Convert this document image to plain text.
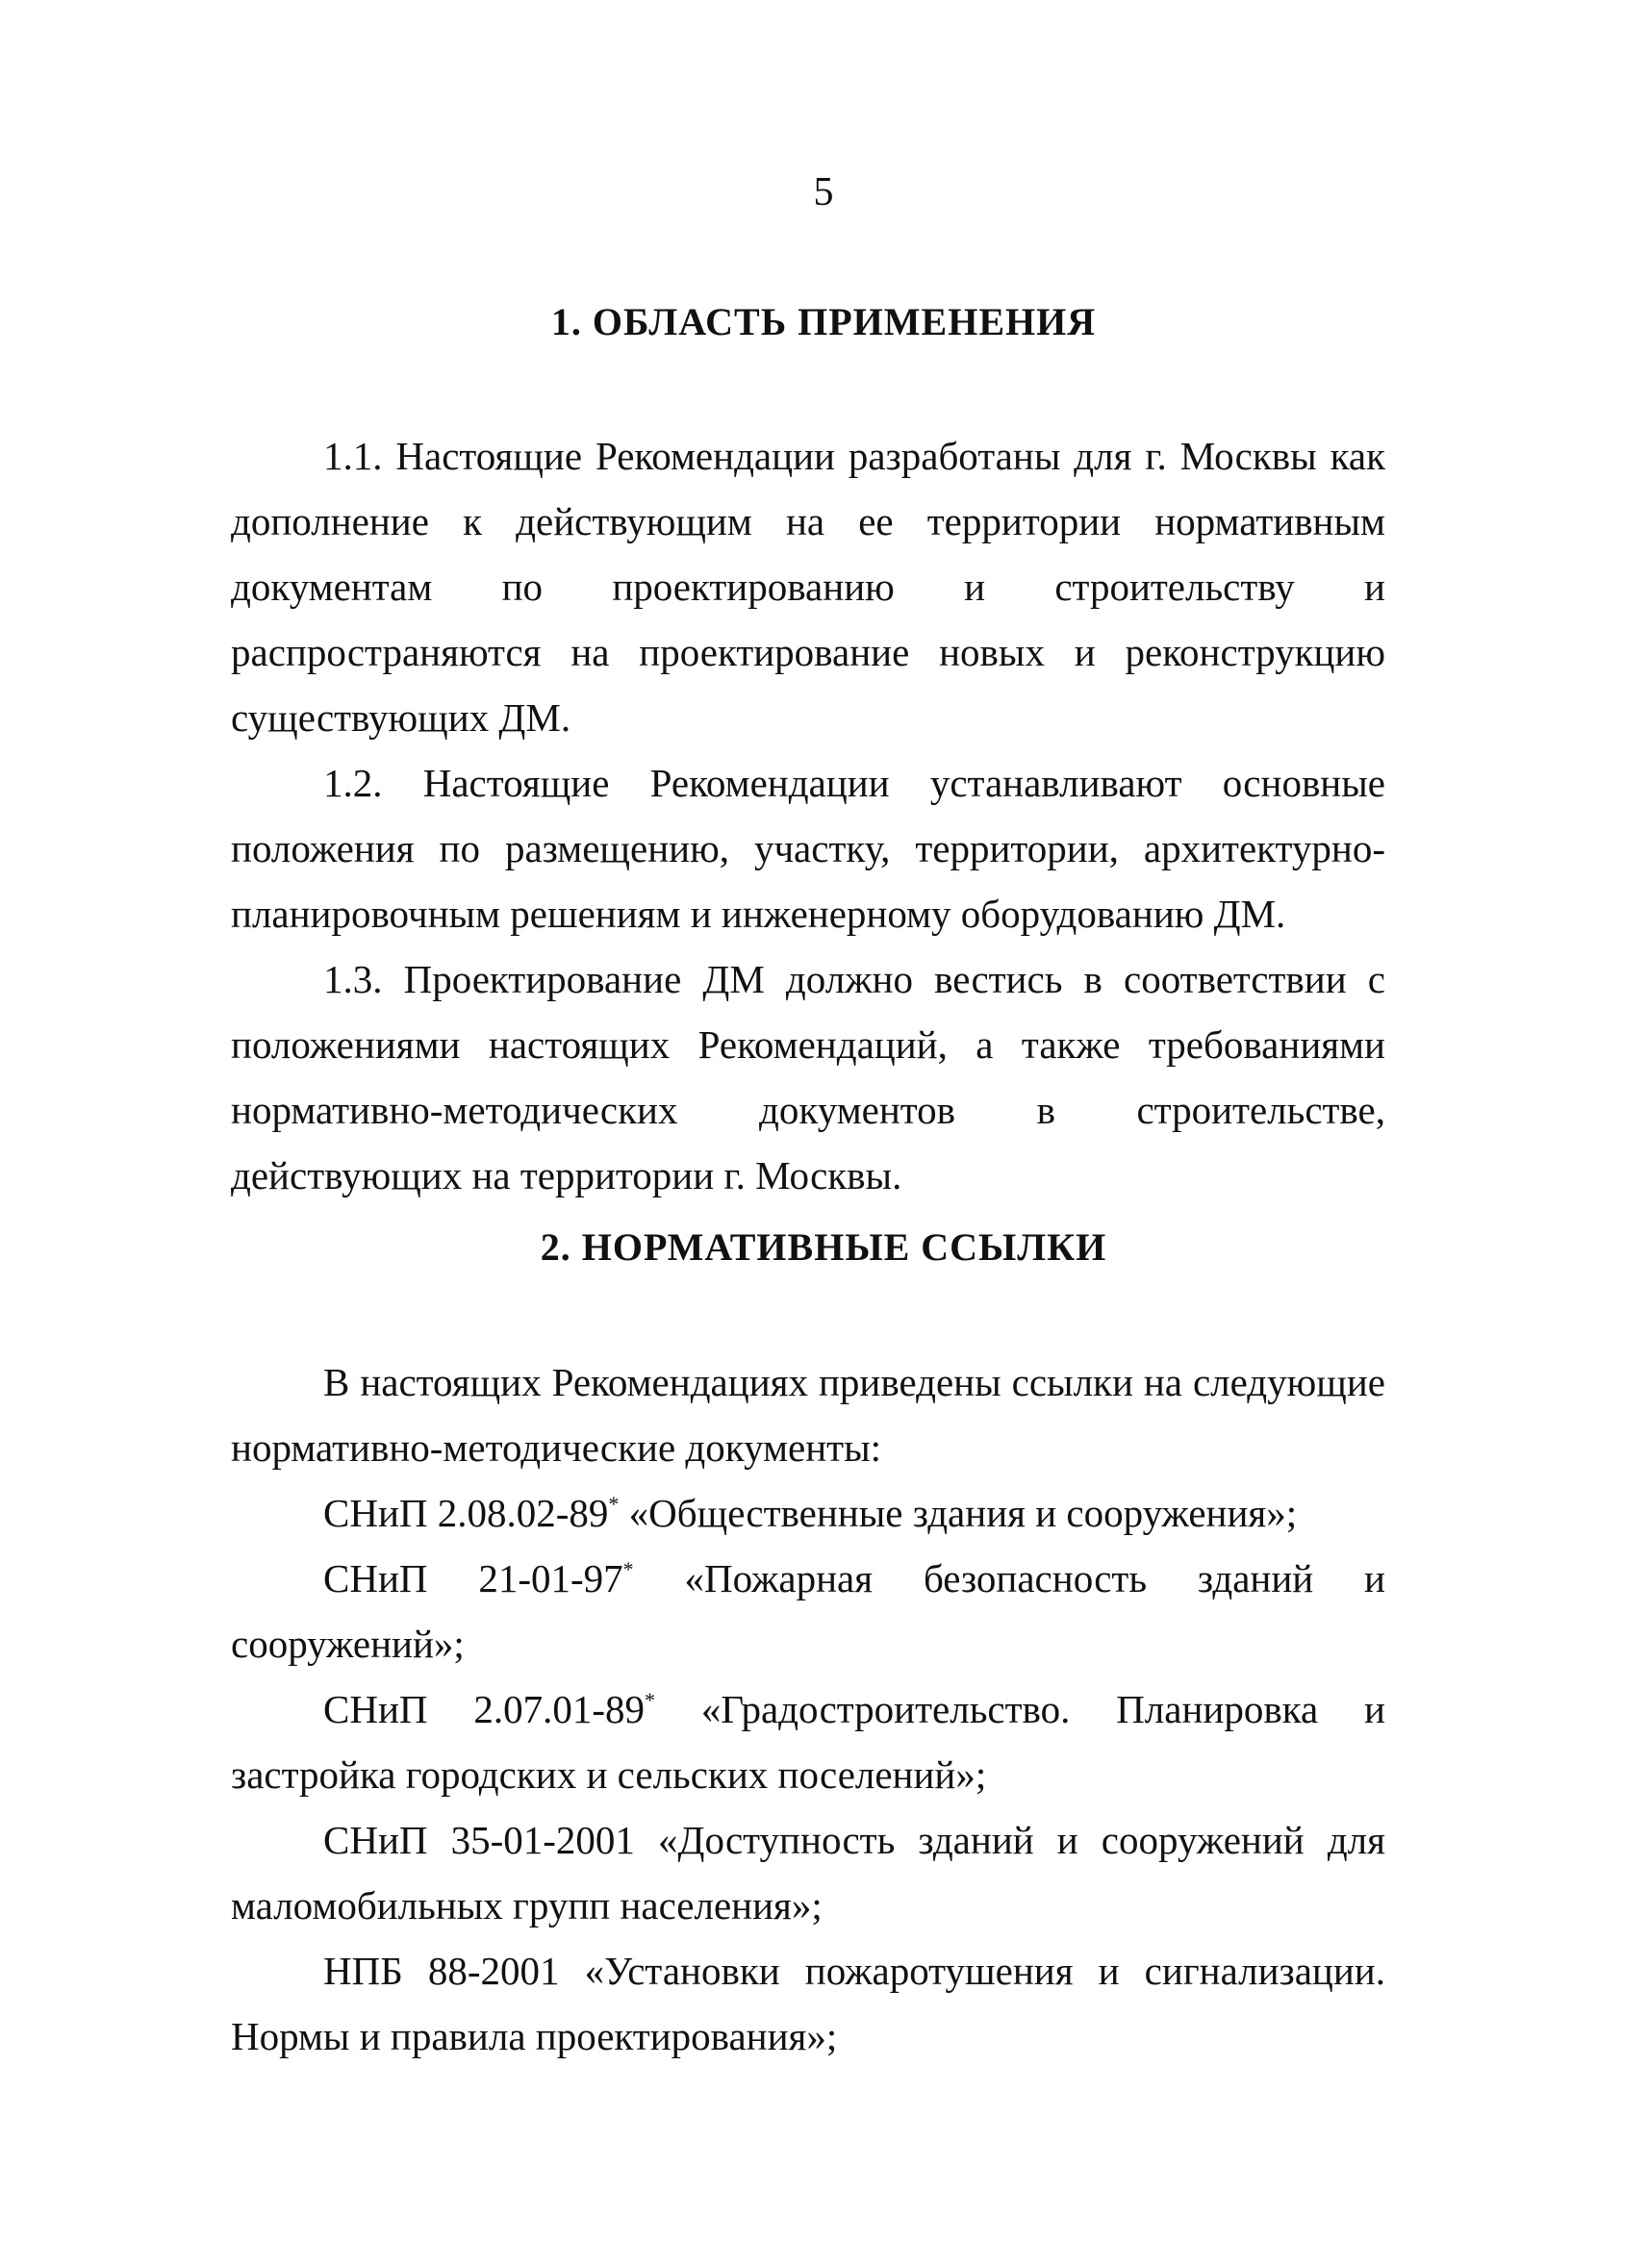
5
1. ОБЛАСТЬ ПРИМЕНЕНИЯ

1.1. Настоящие Рекомендации разработаны для г. Москвы как дополнение к действующим на ее территории нормативным документам по проектированию и строительству и распространяются на проектирование новых и реконструкцию существующих ДМ.

1.2. Настоящие Рекомендации устанавливают основные положения по размещению, участку, территории, архитектурно-планировочным решениям и инженерному оборудованию ДМ.

1.3. Проектирование ДМ должно вестись в соответствии с положениями настоящих Рекомендаций, а также требованиями нормативно-методических документов в строительстве, действующих на территории г. Москвы.

2. НОРМАТИВНЫЕ ССЫЛКИ

В настоящих Рекомендациях приведены ссылки на следующие нормативно-методические документы:

СНиП 2.08.02-89* «Общественные здания и сооружения»;

СНиП 21-01-97* «Пожарная безопасность зданий и сооружений»;

СНиП 2.07.01-89* «Градостроительство. Планировка и застройка городских и сельских поселений»;

СНиП 35-01-2001 «Доступность зданий и сооружений для маломобильных групп населения»;

НПБ 88-2001 «Установки пожаротушения и сигнализации. Нормы и правила проектирования»;
